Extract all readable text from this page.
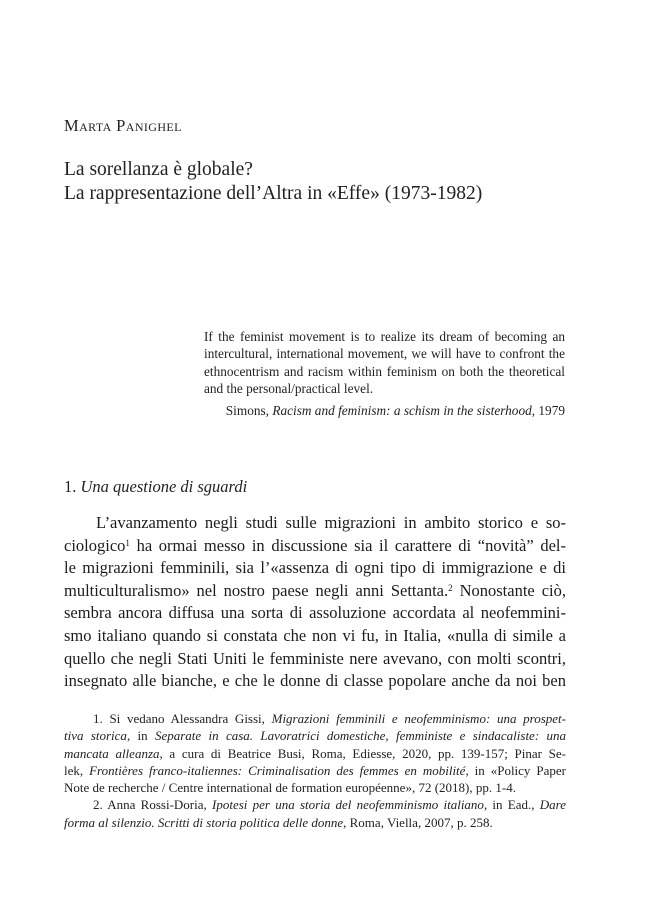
Marta Panighel
La sorellanza è globale?
La rappresentazione dell’Altra in «Effe» (1973-1982)

If the feminist movement is to realize its dream of becoming an intercultural, international movement, we will have to confront the ethnocentrism and racism within feminism on both the theoretical and the personal/practical level.

Simons, Racism and feminism: a schism in the sisterhood, 1979
1. Una questione di sguardi
L’avanzamento negli studi sulle migrazioni in ambito storico e so-
ciologico$^1$ ha ormai messo in discussione sia il carattere di “novità” del-
le migrazioni femminili, sia l’«assenza di ogni tipo di immigrazione e di
multiculturalismo» nel nostro paese negli anni Settanta.$^2$ Nonostante ciò,
sembra ancora diffusa una sorta di assoluzione accordata al neofemmini-
smo italiano quando si constata che non vi fu, in Italia, «nulla di simile a
quello che negli Stati Uniti le femministe nere avevano, con molti scontri,
insegnato alle bianche, e che le donne di classe popolare anche da noi ben
1. Si vedano Alessandra Gissi, Migrazioni femminili e neofemminismo: una prospet-
tiva storica, in Separate in casa. Lavoratrici domestiche, femministe e sindacaliste: una
mancata alleanza, a cura di Beatrice Busi, Roma, Ediesse, 2020, pp. 139-157; Pinar Se-
lek, Frontières franco-italiennes: Criminalisation des femmes en mobilité, in «Policy Paper
Note de recherche / Centre international de formation européenne», 72 (2018), pp. 1-4.
2. Anna Rossi-Doria, Ipotesi per una storia del neofemminismo italiano, in Ead., Dare
forma al silenzio. Scritti di storia politica delle donne, Roma, Viella, 2007, p. 258.
